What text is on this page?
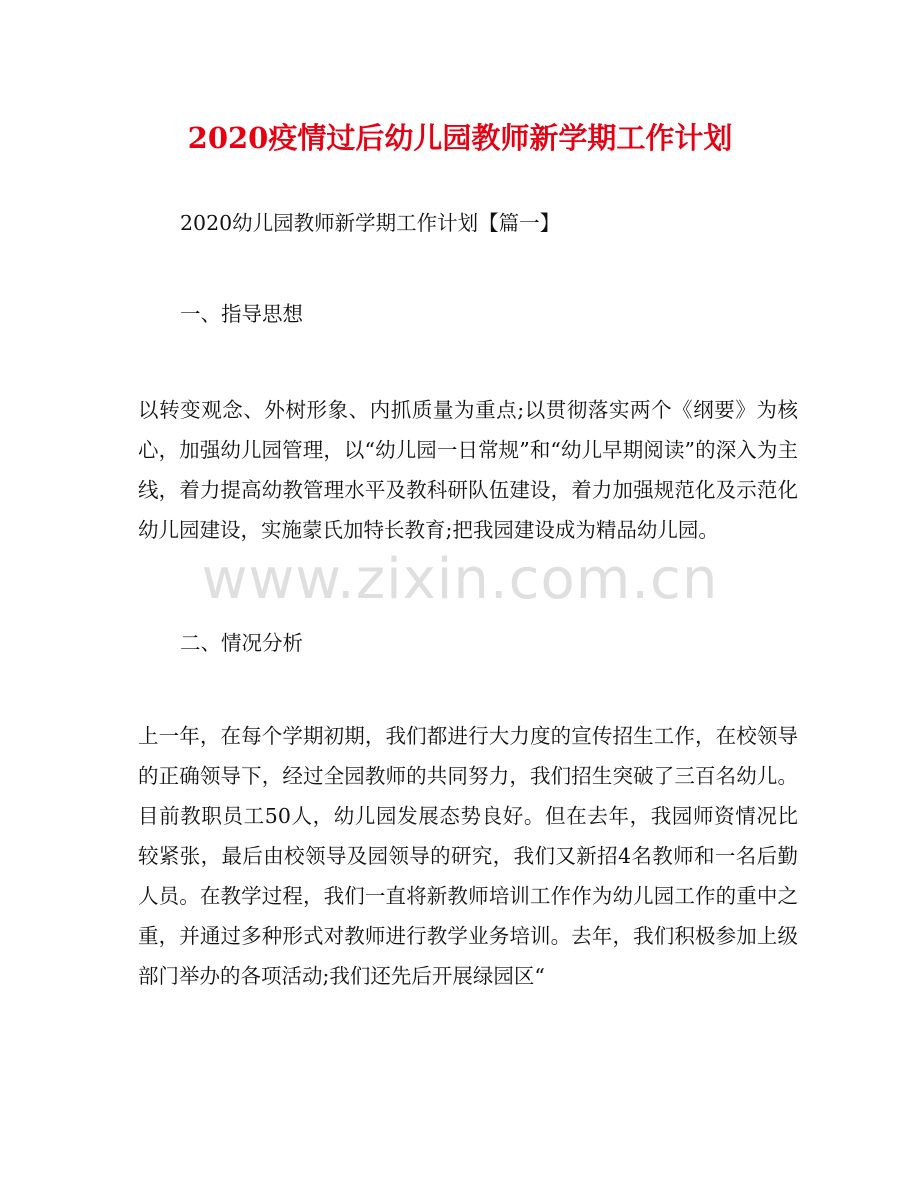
2020疫情过后幼儿园教师新学期工作计划
2020幼儿园教师新学期工作计划【篇一】
一、指导思想
以转变观念、外树形象、内抓质量为重点;以贯彻落实两个《纲要》为核心，加强幼儿园管理，以“幼儿园一日常规”和“幼儿早期阅读”的深入为主线，着力提高幼教管理水平及教科研队伍建设，着力加强规范化及示范化幼儿园建设，实施蒙氏加特长教育;把我园建设成为精品幼儿园。
二、情况分析
上一年，在每个学期初期，我们都进行大力度的宣传招生工作，在校领导的正确领导下，经过全园教师的共同努力，我们招生突破了三百名幼儿。目前教职员工50人，幼儿园发展态势良好。但在去年，我园师资情况比较紧张，最后由校领导及园领导的研究，我们又新招4名教师和一名后勤人员。在教学过程，我们一直将新教师培训工作作为幼儿园工作的重中之重，并通过多种形式对教师进行教学业务培训。去年，我们积极参加上级部门举办的各项活动;我们还先后开展绿园区“
www.zixin.com.cn
